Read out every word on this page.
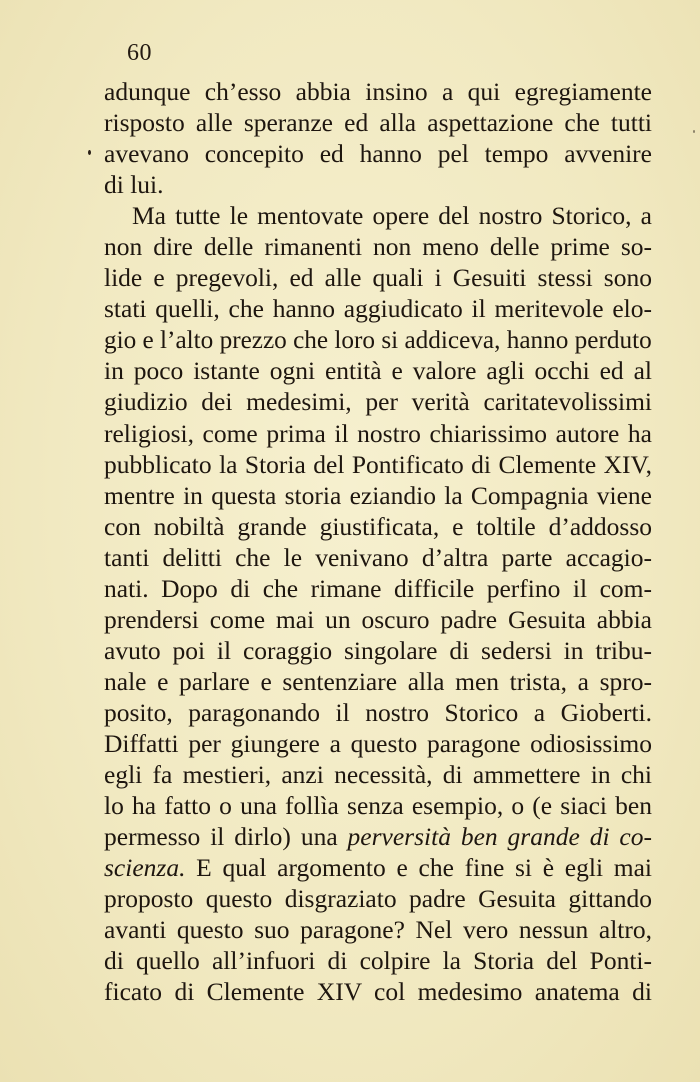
60
adunque ch’esso abbia insino a qui egregiamente
risposto alle speranze ed alla aspettazione che tutti
avevano concepito ed hanno pel tempo avvenire
di lui.
Ma tutte le mentovate opere del nostro Storico, a
non dire delle rimanenti non meno delle prime so-
lide e pregevoli, ed alle quali i Gesuiti stessi sono
stati quelli, che hanno aggiudicato il meritevole elo-
gio e l’alto prezzo che loro si addiceva, hanno perduto
in poco istante ogni entità e valore agli occhi ed al
giudizio dei medesimi, per verità caritatevolissimi
religiosi, come prima il nostro chiarissimo autore ha
pubblicato la Storia del Pontificato di Clemente XIV,
mentre in questa storia eziandio la Compagnia viene
con nobiltà grande giustificata, e toltile d’addosso
tanti delitti che le venivano d’altra parte accagio-
nati. Dopo di che rimane difficile perfino il com-
prendersi come mai un oscuro padre Gesuita abbia
avuto poi il coraggio singolare di sedersi in tribu-
nale e parlare e sentenziare alla men trista, a spro-
posito, paragonando il nostro Storico a Gioberti.
Diffatti per giungere a questo paragone odiosissimo
egli fa mestieri, anzi necessità, di ammettere in chi
lo ha fatto o una follìa senza esempio, o (e siaci ben
permesso il dirlo) una perversità ben grande di co-
scienza. E qual argomento e che fine si è egli mai
proposto questo disgraziato padre Gesuita gittando
avanti questo suo paragone? Nel vero nessun altro,
di quello all’infuori di colpire la Storia del Ponti-
ficato di Clemente XIV col medesimo anatema di
